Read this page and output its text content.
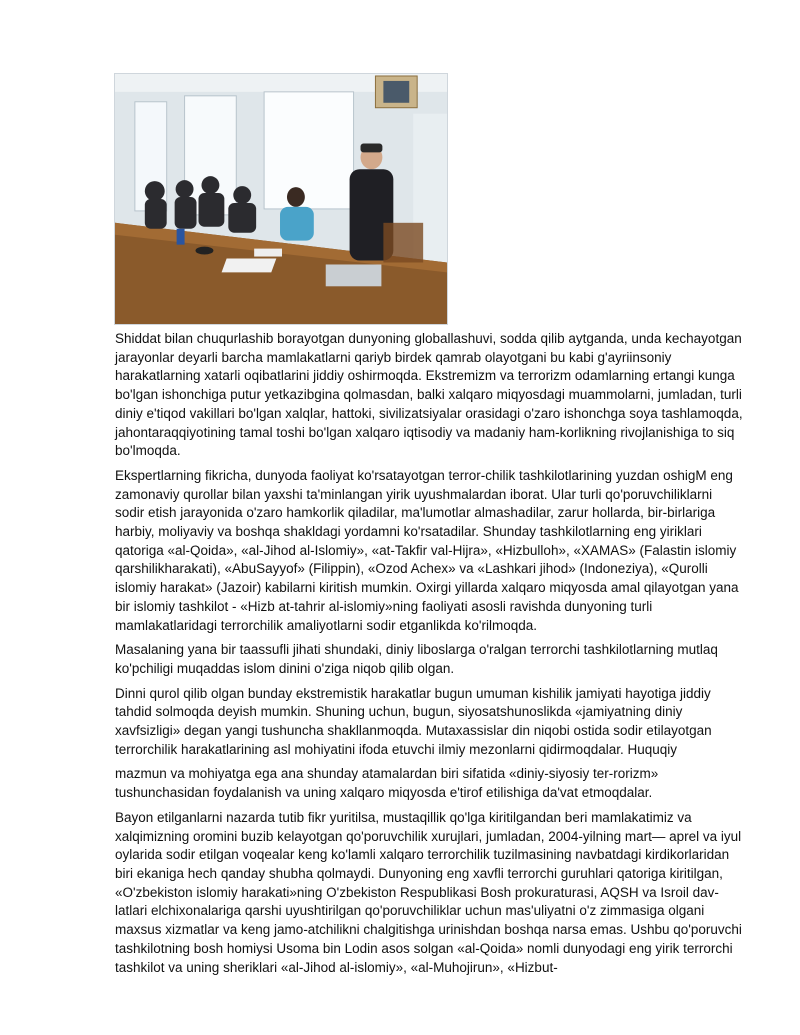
Shiddat bilan chuqurlashib borayotgan dunyoning globallashuvi, sodda qilib aytganda, unda kechayotgan jarayonlar deyarli barcha mamlakatlarni qariyb birdek qamrab olayotgani bu kabi g'ayriinsoniy harakatlarning xatarli oqibatlarini jiddiy oshirmoqda. Ekstremizm va terrorizm odamlarning ertangi kunga bo'lgan ishonchiga putur yetkazibgina qolmasdan, balki xalqaro miqyosdagi muammolarni, jumladan, turli diniy e'tiqod vakillari bo'lgan xalqlar, hattoki, sivilizatsiyalar orasidagi o'zaro ishonchga soya tashlamoqda, jahontaraqqiyotining tamal toshi bo'lgan xalqaro iqtisodiy va madaniy ham-korlikning rivojlanishiga to siq bo'lmoqda.

Ekspertlarning fikricha, dunyoda faoliyat ko'rsatayotgan terror-chilik tashkilotlarining yuzdan oshigM eng zamonaviy qurollar bilan yaxshi ta'minlangan yirik uyushmalardan iborat. Ular turli qo'poruvchiliklarni sodir etish jarayonida o'zaro hamkorlik qiladilar, ma'lumotlar almashadilar, zarur hollarda, bir-birlariga harbiy, moliyaviy va boshqa shakldagi yordamni ko'rsatadilar. Shunday tashkilotlarning eng yiriklari qatoriga «al-Qoida», «al-Jihod al-Islomiy», «at-Takfir val-Hijra», «Hizbulloh», «XAMAS» (Falastin islomiy qarshilikharakati), «AbuSayyof» (Filippin), «Ozod Achex» va «Lashkari jihod» (Indoneziya), «Qurolli islomiy harakat» (Jazoir) kabilarni kiritish mumkin. Oxirgi yillarda xalqaro miqyosda amal qilayotgan yana bir islomiy tashkilot - «Hizb at-tahrir al-islomiy»ning faoliyati asosli ravishda dunyoning turli mamlakatlaridagi terrorchilik amaliyotlarni sodir etganlikda ko'rilmoqda.

Masalaning yana bir taassufli jihati shundaki, diniy liboslarga o'ralgan terrorchi tashkilotlarning mutlaq ko'pchiligi muqaddas islom dinini o'ziga niqob qilib olgan.

Dinni qurol qilib olgan bunday ekstremistik harakatlar bugun umuman kishilik jamiyati hayotiga jiddiy tahdid solmoqda deyish mumkin. Shuning uchun, bugun, siyosatshunoslikda «jamiyatning diniy xavfsizligi» degan yangi tushuncha shakllanmoqda. Mutaxassislar din niqobi ostida sodir etilayotgan terrorchilik harakatlarining asl mohiyatini ifoda etuvchi ilmiy mezonlarni qidirmoqdalar. Huquqiy

mazmun va mohiyatga ega ana shunday atamalardan biri sifatida «diniy-siyosiy ter-rorizm» tushunchasidan foydalanish va uning xalqaro miqyosda e'tirof etilishiga da'vat etmoqdalar.

Bayon etilganlarni nazarda tutib fikr yuritilsa, mustaqillik qo'lga kiritilgandan beri mamlakatimiz va xalqimizning oromini buzib kelayotgan qo'poruvchilik xurujlari, jumladan, 2004-yilning mart— aprel va iyul oylarida sodir etilgan voqealar keng ko'lamli xalqaro terrorchilik tuzilmasining navbatdagi kirdikorlaridan biri ekaniga hech qanday shubha qolmaydi. Dunyoning eng xavfli terrorchi guruhlari qatoriga kiritilgan, «O'zbekiston islomiy harakati»ning O'zbekiston Respublikasi Bosh prokuraturasi, AQSH va Isroil dav-latlari elchixonalariga qarshi uyushtirilgan qo'poruvchiliklar uchun mas'uliyatni o'z zimmasiga olgani maxsus xizmatlar va keng jamo-atchilikni chalgitishga urinishdan boshqa narsa emas. Ushbu qo'poruvchi tashkilotning bosh homiysi Usoma bin Lodin asos solgan «al-Qoida» nomli dunyodagi eng yirik terrorchi tashkilot va uning sheriklari «al-Jihod al-islomiy», «al-Muhojirun», «Hizbut-
